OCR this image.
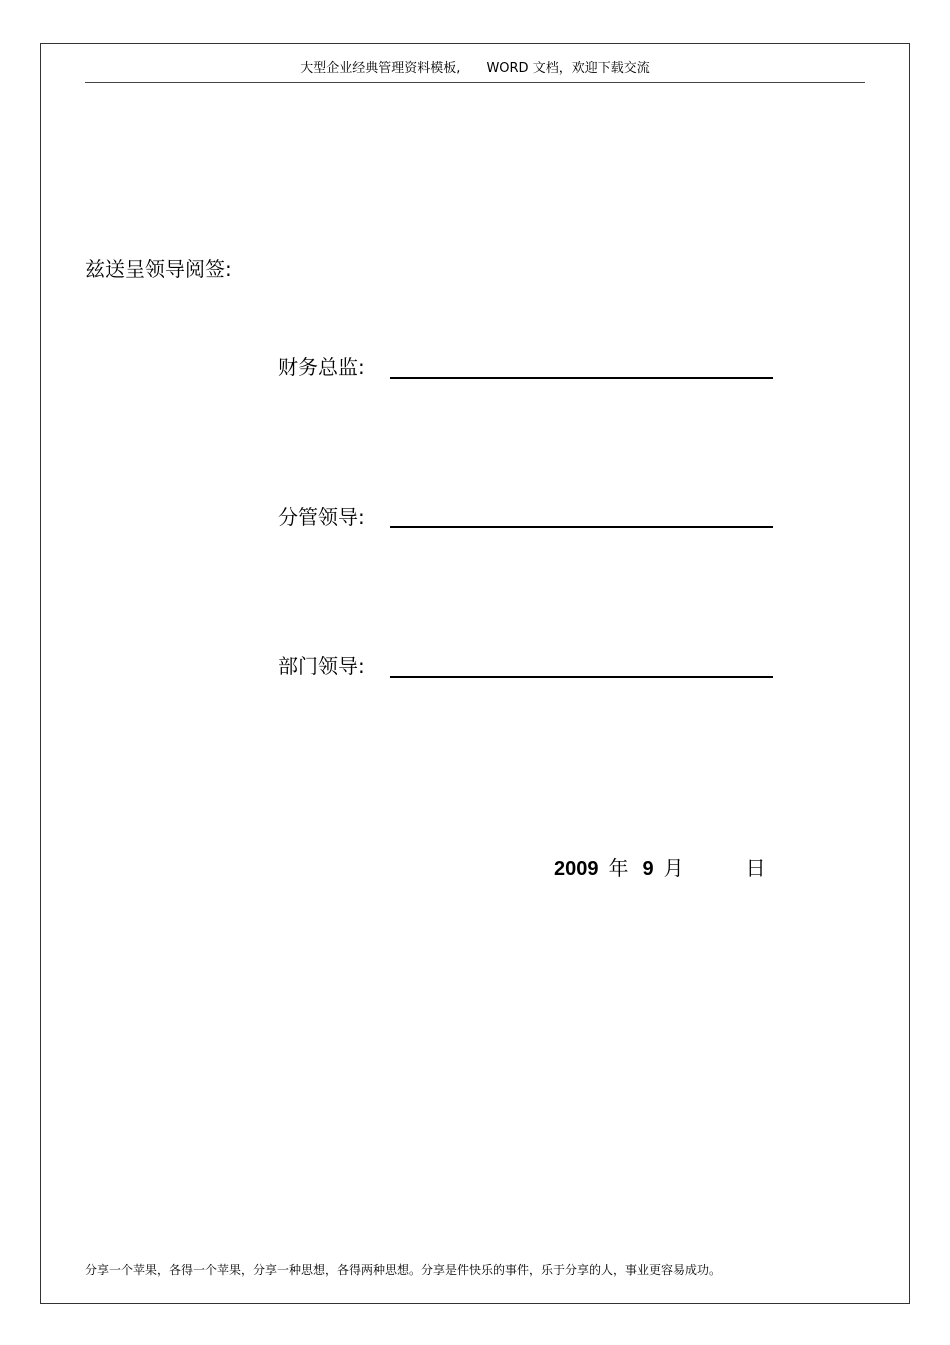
大型企业经典管理资料模板, WORD 文档，欢迎下载交流
兹送呈领导阅签:
财务总监:
分管领导:
部门领导:
2009 年 9 月	日
分享一个苹果，各得一个苹果，分享一种思想，各得两种思想。分享是件快乐的事件，乐于分享的人，事业更容易成功。
